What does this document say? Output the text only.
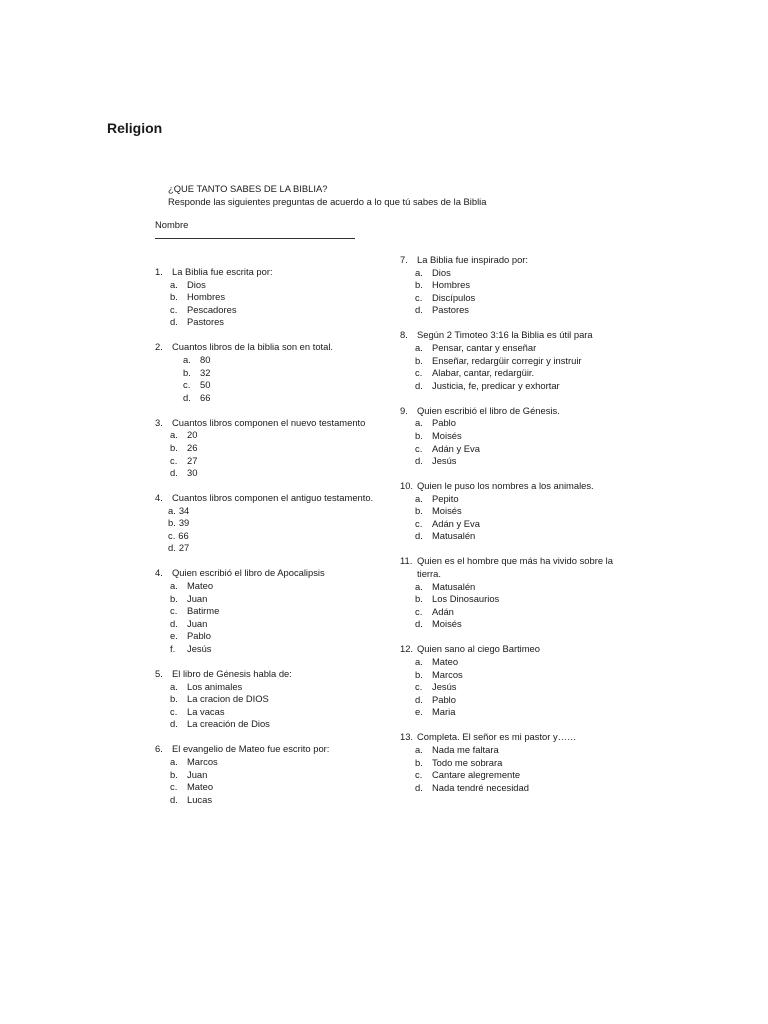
Religion
¿QUE TANTO SABES DE LA BIBLIA?
Responde las siguientes preguntas de acuerdo a lo que tú sabes de la Biblia
Nombre
1. La Biblia fue escrita por:
a. Dios
b. Hombres
c.	Pescadores
d. Pastores
2. Cuantos libros de la biblia son en total.
a. 80
b. 32
c.	50
d. 66
3. Cuantos libros componen el nuevo testamento
a. 20
b. 26
c.	27
d. 30
4. Cuantos libros componen el antiguo testamento.
a. 34
b. 39
c. 66
d. 27
4. Quien escribió el libro de Apocalipsis
a. Mateo
b. Juan
c.	Batirme
d. Juan
e. Pablo
f.	Jesús
5. El libro de Génesis habla de:
a. Los animales
b. La cracion de DIOS
c.	La vacas
d. La creación de Dios
6. El evangelio de Mateo fue escrito por:
a. Marcos
b. Juan
c.	Mateo
d. Lucas
7. La Biblia fue inspirado por:
a. Dios
b. Hombres
c.	Discípulos
d. Pastores
8. Según 2 Timoteo 3:16 la Biblia es útil para
a. Pensar, cantar y enseñar
b. Enseñar, redargüir corregir y instruir
c.	Alabar, cantar, redargüir.
d. Justicia, fe, predicar y exhortar
9. Quien escribió el libro de Génesis.
a. Pablo
b. Moisés
c.	Adán y Eva
d. Jesús
10. Quien le puso los nombres a los animales.
a. Pepito
b. Moisés
c.	Adán y Eva
d. Matusalén
11. Quien es el hombre que más ha vivido sobre la tierra.
a. Matusalén
b. Los Dinosaurios
c.	Adán
d. Moisés
12. Quien sano al ciego Bartimeo
a. Mateo
b. Marcos
c.	Jesús
d. Pablo
e. Maria
13. Completa. El señor es mi pastor y……
a. Nada me faltara
b. Todo me sobrara
c.	Cantare alegremente
d. Nada tendré necesidad
